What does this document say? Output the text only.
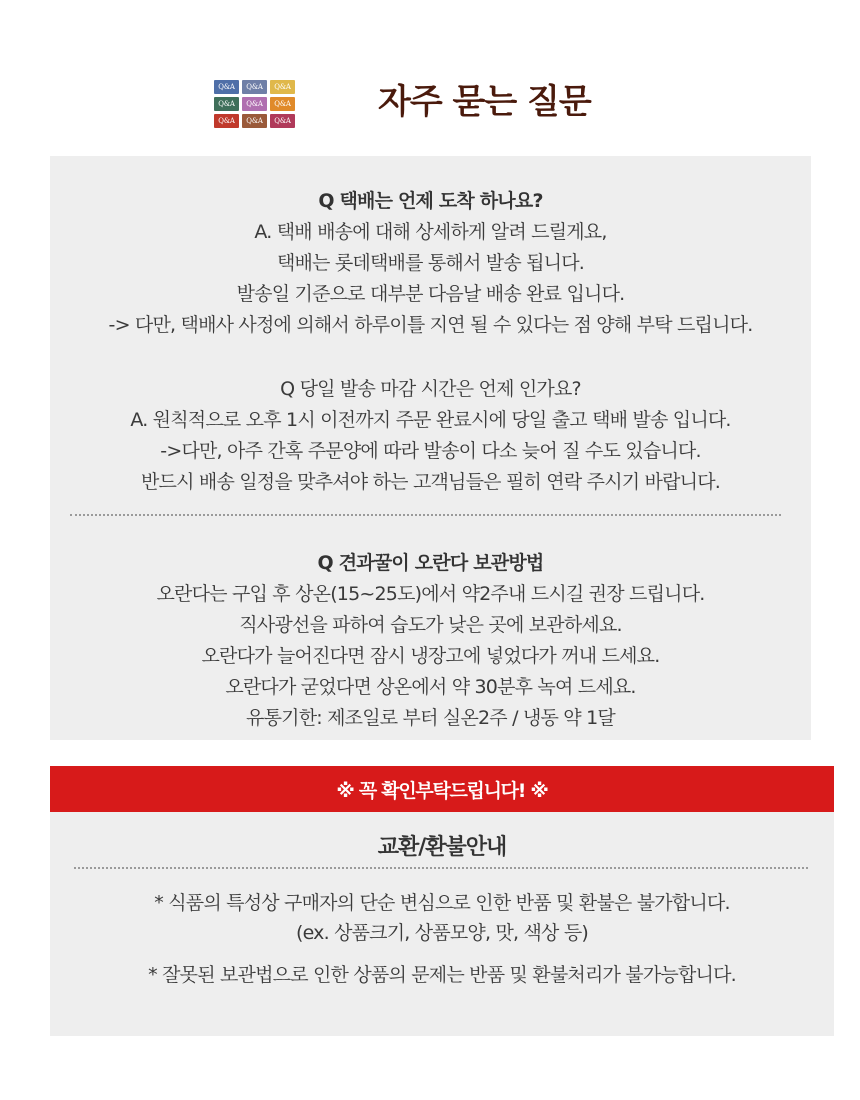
Q&A	Q&A	Q&A
Q&A	Q&A	Q&A
Q&A	Q&A	Q&A	자주 묻는 질문
Q 택배는 언제 도착 하나요?
A. 택배 배송에 대해 상세하게 알려 드릴게요,
택배는 롯데택배를 통해서 발송 됩니다.
발송일 기준으로 대부분 다음날 배송 완료 입니다.
-> 다만, 택배사 사정에 의해서 하루이틀 지연 될 수 있다는 점 양해 부탁 드립니다.
Q 당일 발송 마감 시간은 언제 인가요?
A. 원칙적으로 오후 1시 이전까지 주문 완료시에 당일 출고 택배 발송 입니다.
->다만, 아주 간혹 주문양에 따라 발송이 다소 늦어 질 수도 있습니다.
반드시 배송 일정을 맞추셔야 하는 고객님들은 필히 연락 주시기 바랍니다.
Q 견과꿀이 오란다 보관방법
오란다는 구입 후 상온(15~25도)에서 약2주내 드시길 권장 드립니다.
직사광선을 파하여 습도가 낮은 곳에 보관하세요.
오란다가 늘어진다면 잠시 냉장고에 넣었다가 꺼내 드세요.
오란다가 굳었다면 상온에서 약 30분후 녹여 드세요.
유통기한: 제조일로 부터 실온2주 / 냉동 약 1달
※ 꼭 확인부탁드립니다! ※
교환/환불안내
* 식품의 특성상 구매자의 단순 변심으로 인한 반품 및 환불은 불가합니다.
(ex. 상품크기, 상품모양, 맛, 색상 등)
* 잘못된 보관법으로 인한 상품의 문제는 반품 및 환불처리가 불가능합니다.
